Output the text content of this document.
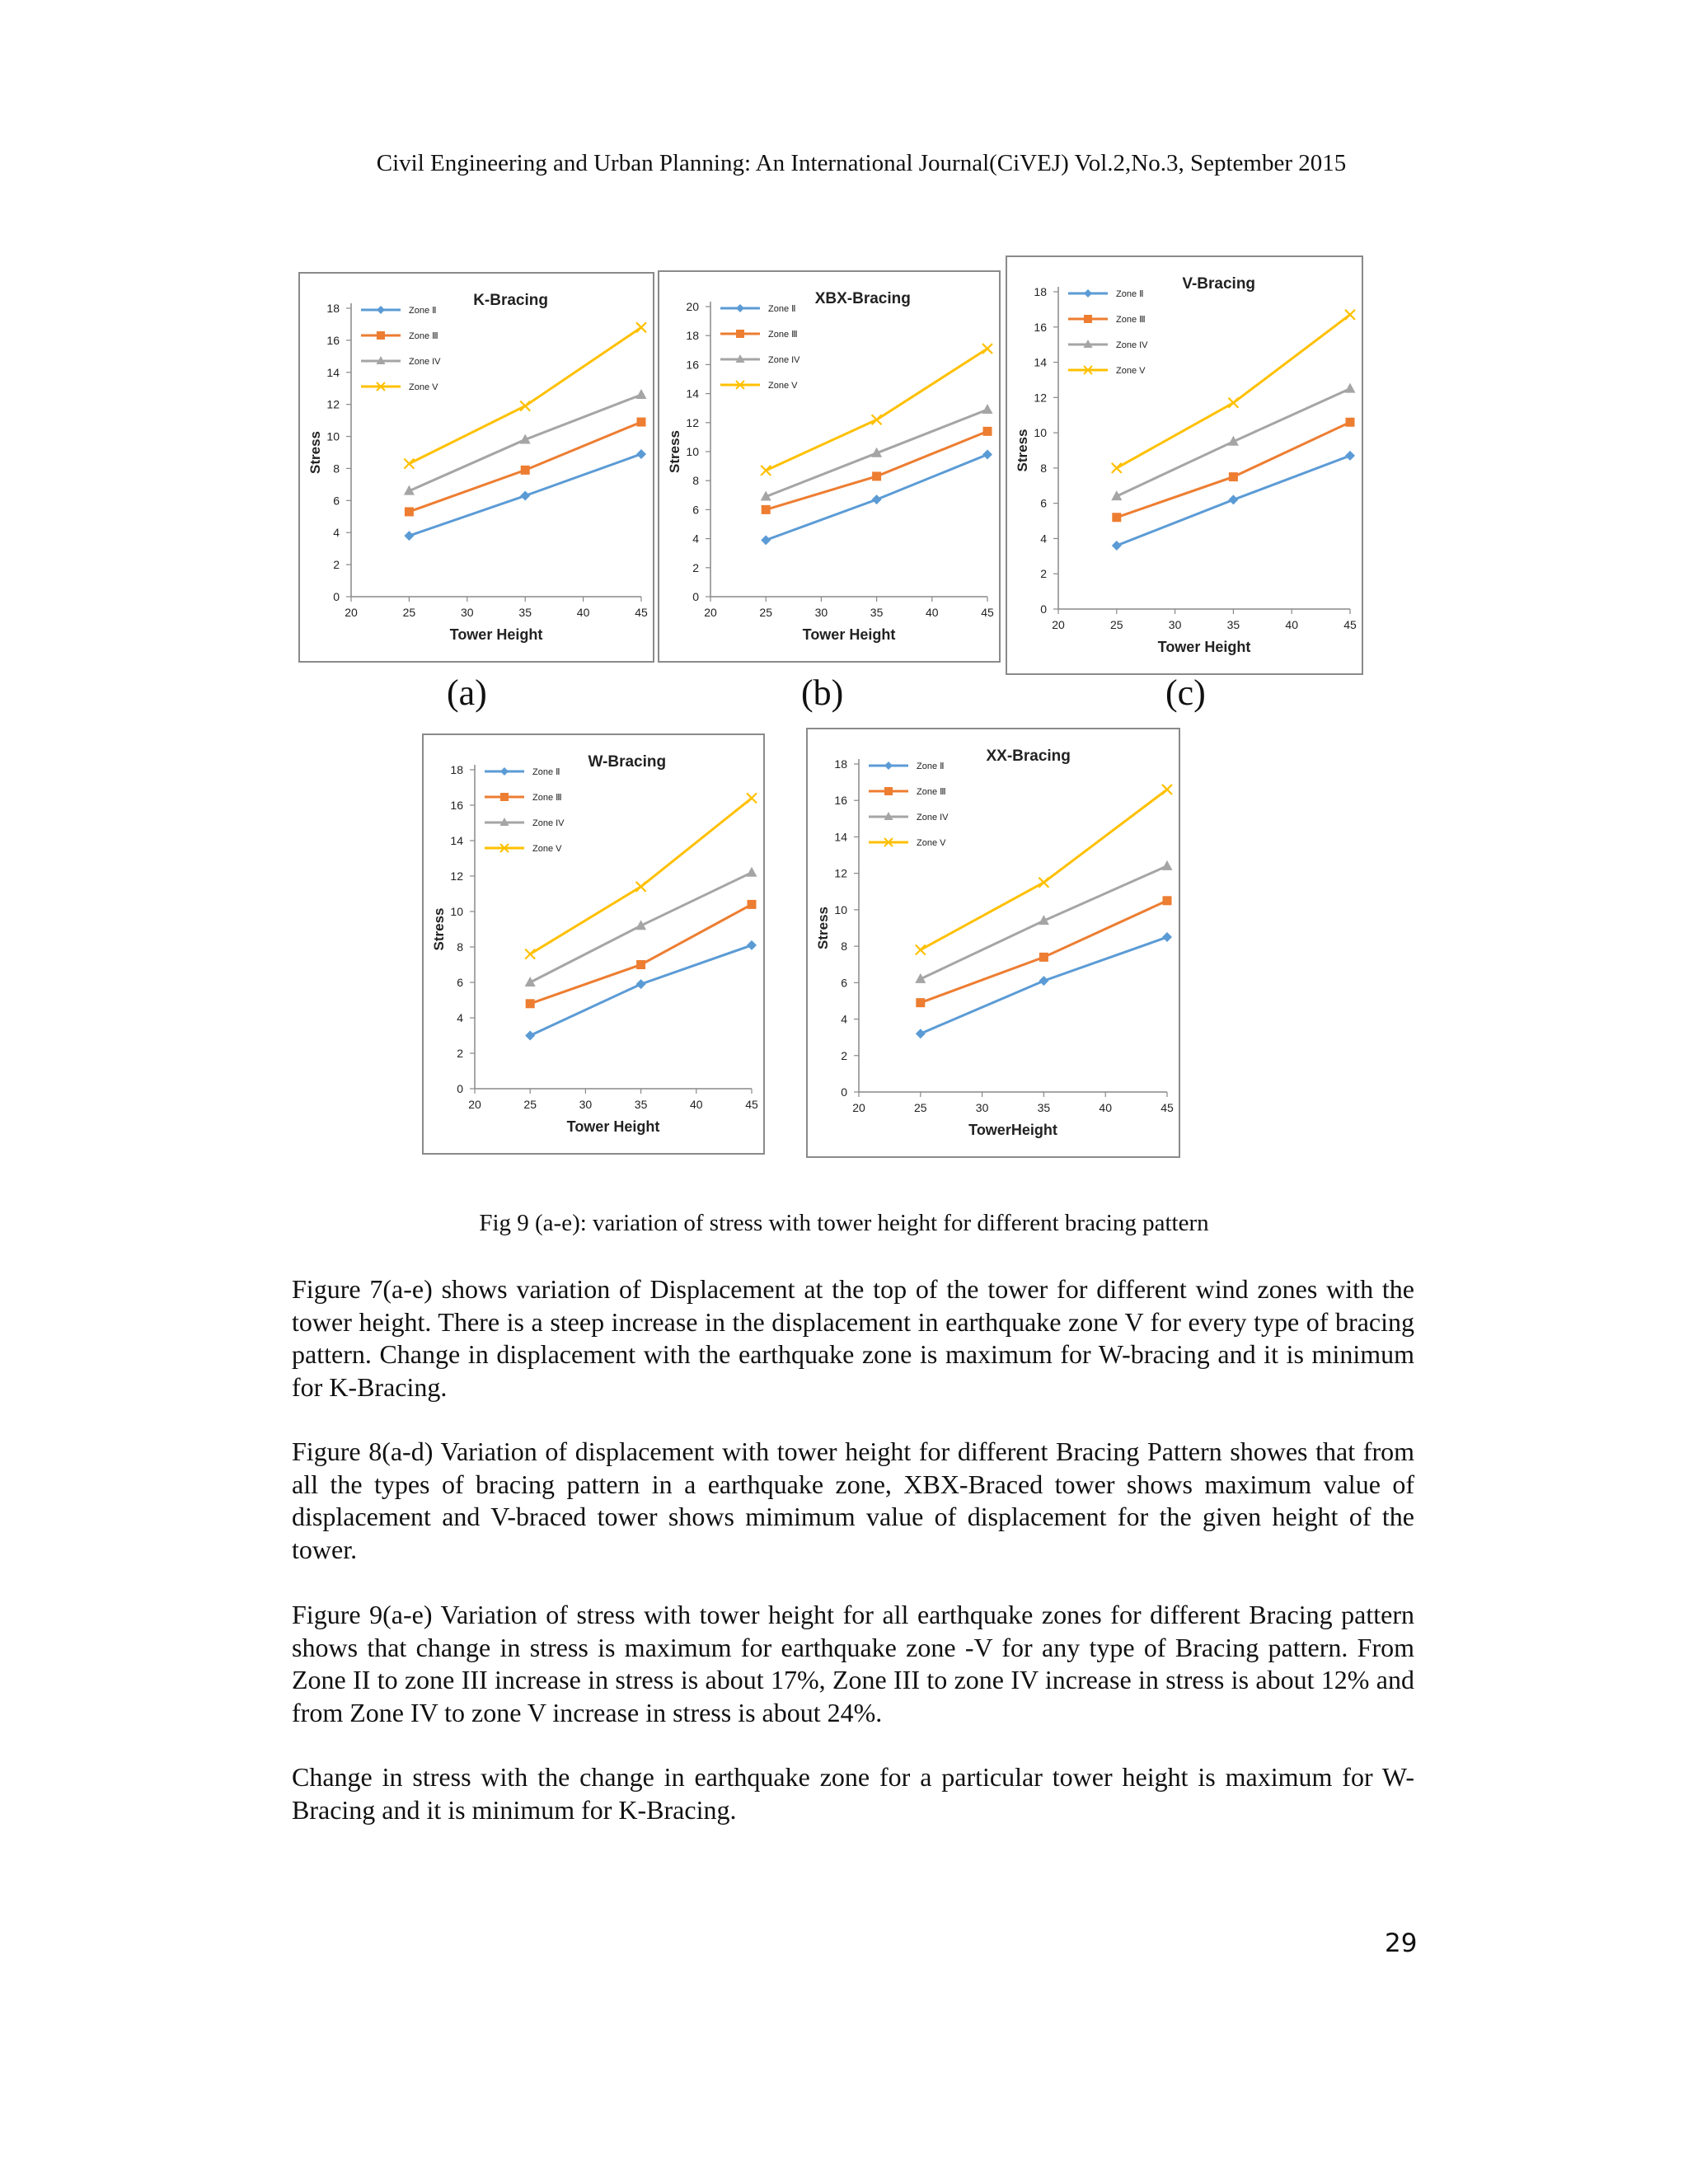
Civil Engineering and Urban Planning: An International Journal(CiVEJ) Vol.2,No.3, September 2015
0
2
4
6
8
10
12
14
16
18
20	25	30	35	40	45
Tower Height
Stress
K-Bracing
Zone Ⅱ
Zone Ⅲ
Zone IV
Zone V
0
2
4
6
8
10
12
14
16
18
20
20	25	30	35	40	45
Tower Height
Stress
XBX-Bracing
Zone Ⅱ
Zone Ⅲ
Zone IV
Zone V
0
2
4
6
8
10
12
14
16
18
20	25	30	35	40	45
Tower Height
Stress
V-Bracing
Zone Ⅱ
Zone Ⅲ
Zone IV
Zone V
(a)	(b)	(c)
0
2
4
6
8
10
12
14
16
18
20	25	30	35	40	45
Tower Height
Stress
W-Bracing
Zone Ⅱ
Zone Ⅲ
Zone IV
Zone V
0
2
4
6
8
10
12
14
16
18
20	25	30	35	40	45
TowerHeight
Stress
XX-Bracing
Zone Ⅱ
Zone Ⅲ
Zone IV
Zone V
Fig 9 (a-e): variation of stress with tower height for different bracing pattern

Figure 7(a-e) shows variation of Displacement at the top of the tower for different wind zones with the tower height. There is a steep increase in the displacement in earthquake zone V for every type of bracing pattern. Change in displacement with the earthquake zone is maximum for W-bracing and it is minimum for K-Bracing.

Figure 8(a-d) Variation of displacement with tower height for different Bracing Pattern showes that from all the types of bracing pattern in a earthquake zone, XBX-Braced tower shows maximum value of displacement and V-braced tower shows mimimum value of displacement for the given height of the tower.

Figure 9(a-e) Variation of stress with tower height for all earthquake zones for different Bracing pattern shows that change in stress is maximum for earthquake zone -V for any type of Bracing pattern. From Zone II to zone III increase in stress is about 17%, Zone III to zone IV increase in stress is about 12% and from Zone IV to zone V increase in stress is about 24%.

Change in stress with the change in earthquake zone for a particular tower height is maximum for W-Bracing and it is minimum for K-Bracing.

29
